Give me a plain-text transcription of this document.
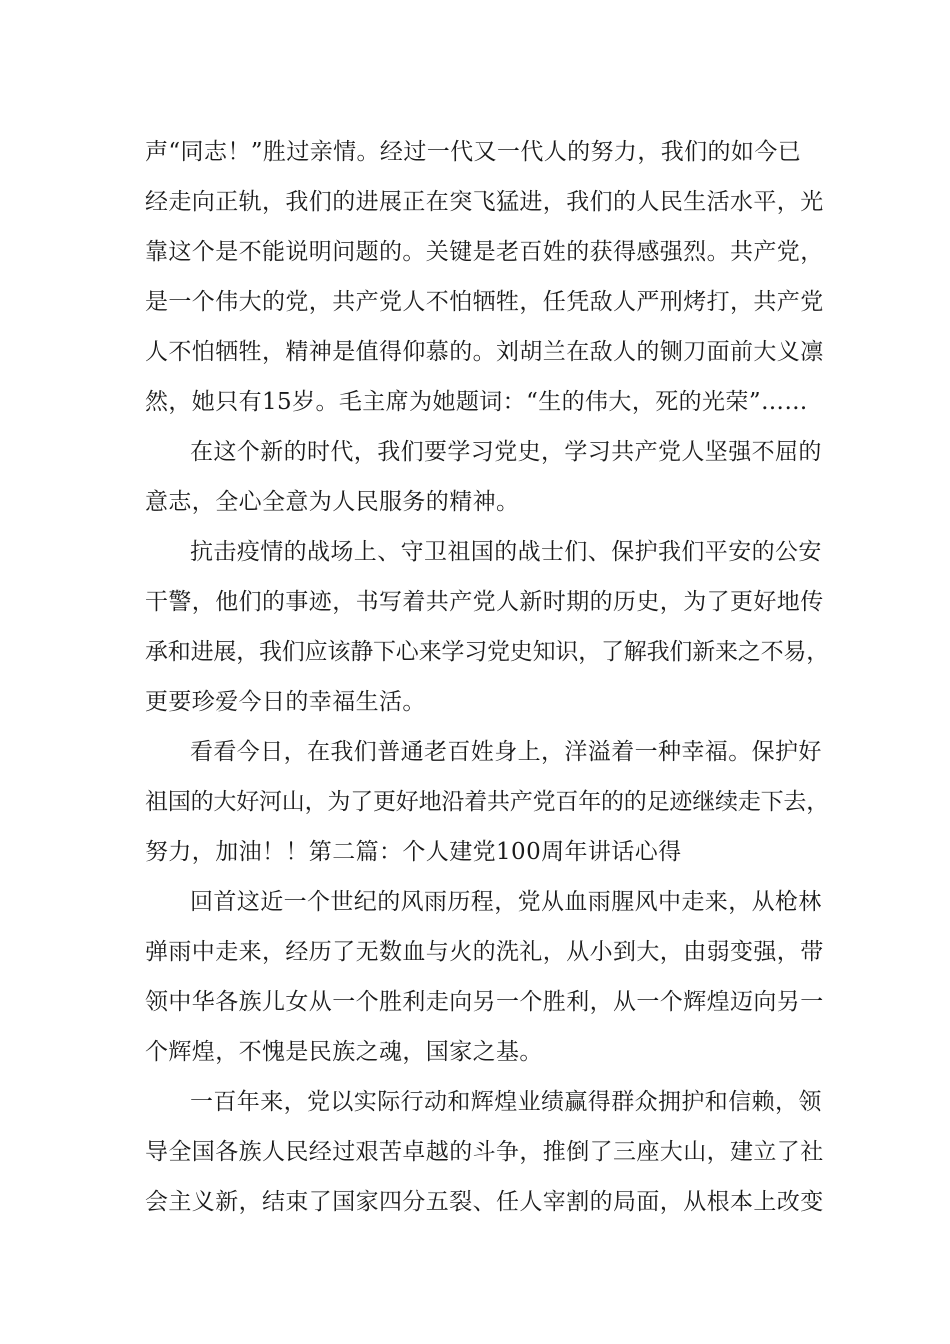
声“同志！”胜过亲情。经过一代又一代人的努力，我们的如今已
经走向正轨，我们的进展正在突飞猛进，我们的人民生活水平，光
靠这个是不能说明问题的。关键是老百姓的获得感强烈。共产党，
是一个伟大的党，共产党人不怕牺牲，任凭敌人严刑烤打，共产党
人不怕牺牲，精神是值得仰慕的。刘胡兰在敌人的铡刀面前大义凛
然，她只有15岁。毛主席为她题词：“生的伟大，死的光荣”……
在这个新的时代，我们要学习党史，学习共产党人坚强不屈的
意志，全心全意为人民服务的精神。
抗击疫情的战场上、守卫祖国的战士们、保护我们平安的公安
干警，他们的事迹，书写着共产党人新时期的历史，为了更好地传
承和进展，我们应该静下心来学习党史知识，了解我们新来之不易，
更要珍爱今日的幸福生活。
看看今日，在我们普通老百姓身上，洋溢着一种幸福。保护好
祖国的大好河山，为了更好地沿着共产党百年的的足迹继续走下去，
努力，加油！！第二篇：个人建党100周年讲话心得
回首这近一个世纪的风雨历程，党从血雨腥风中走来，从枪林
弹雨中走来，经历了无数血与火的洗礼，从小到大，由弱变强，带
领中华各族儿女从一个胜利走向另一个胜利，从一个辉煌迈向另一
个辉煌，不愧是民族之魂，国家之基。
一百年来，党以实际行动和辉煌业绩赢得群众拥护和信赖，领
导全国各族人民经过艰苦卓越的斗争，推倒了三座大山，建立了社
会主义新，结束了国家四分五裂、任人宰割的局面，从根本上改变
